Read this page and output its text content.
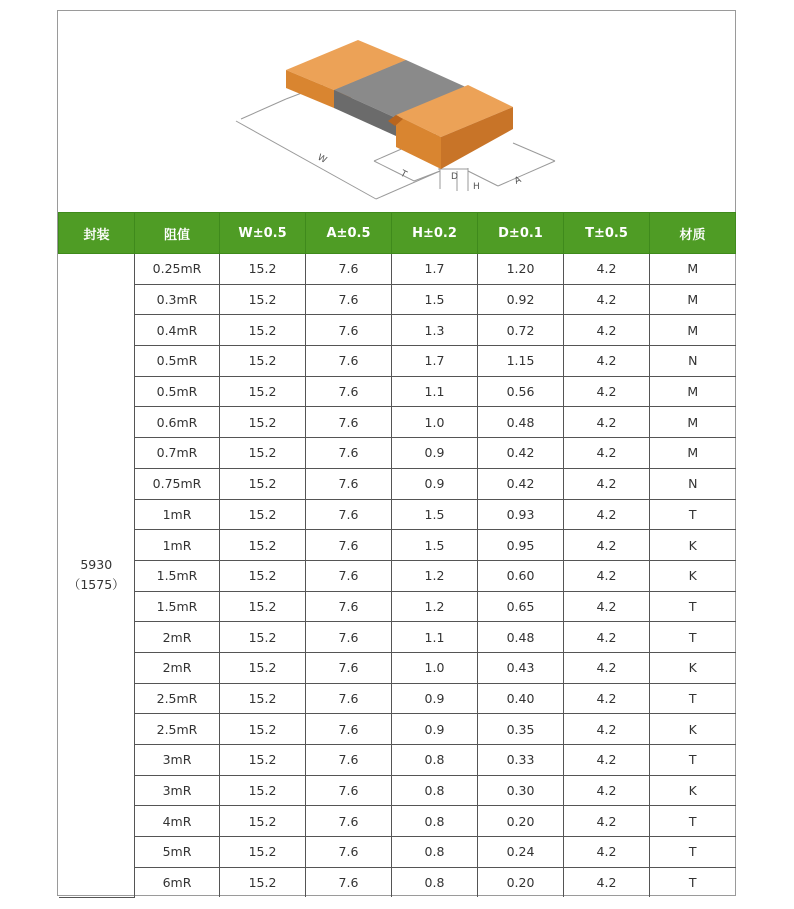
W
T	D
H
A
封装	阻值	W±0.5	A±0.5	H±0.2	D±0.1	T±0.5	材质

5930
（1575）	0.25mR	15.2	7.6	1.7	1.20	4.2	M
	0.3mR	15.2	7.6	1.5	0.92	4.2	M
	0.4mR	15.2	7.6	1.3	0.72	4.2	M
	0.5mR	15.2	7.6	1.7	1.15	4.2	N
	0.5mR	15.2	7.6	1.1	0.56	4.2	M
	0.6mR	15.2	7.6	1.0	0.48	4.2	M
	0.7mR	15.2	7.6	0.9	0.42	4.2	M
	0.75mR	15.2	7.6	0.9	0.42	4.2	N
	1mR	15.2	7.6	1.5	0.93	4.2	T
	1mR	15.2	7.6	1.5	0.95	4.2	K
	1.5mR	15.2	7.6	1.2	0.60	4.2	K
	1.5mR	15.2	7.6	1.2	0.65	4.2	T
	2mR	15.2	7.6	1.1	0.48	4.2	T
	2mR	15.2	7.6	1.0	0.43	4.2	K
	2.5mR	15.2	7.6	0.9	0.40	4.2	T
	2.5mR	15.2	7.6	0.9	0.35	4.2	K
	3mR	15.2	7.6	0.8	0.33	4.2	T
	3mR	15.2	7.6	0.8	0.30	4.2	K
	4mR	15.2	7.6	0.8	0.20	4.2	T
	5mR	15.2	7.6	0.8	0.24	4.2	T
	6mR	15.2	7.6	0.8	0.20	4.2	T
